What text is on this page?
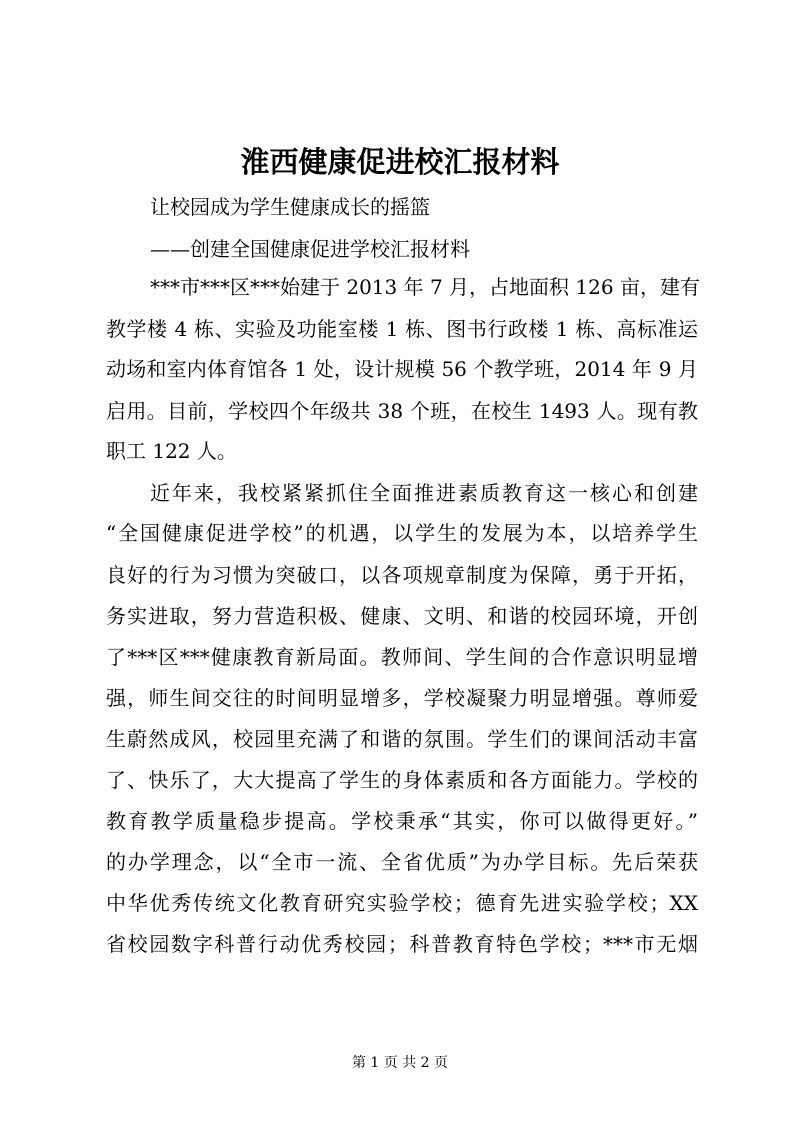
淮西健康促进校汇报材料

让校园成为学生健康成长的摇篮

——创建全国健康促进学校汇报材料

***市***区***始建于 2013 年 7 月，占地面积 126 亩，建有

教学楼 4 栋、实验及功能室楼 1 栋、图书行政楼 1 栋、高标准运

动场和室内体育馆各 1 处，设计规模 56 个教学班，2014 年 9 月

启用。目前，学校四个年级共 38 个班，在校生 1493 人。现有教

职工 122 人。

近年来，我校紧紧抓住全面推进素质教育这一核心和创建

“全国健康促进学校”的机遇，以学生的发展为本，以培养学生

良好的行为习惯为突破口，以各项规章制度为保障，勇于开拓，

务实进取，努力营造积极、健康、文明、和谐的校园环境，开创

了***区***健康教育新局面。教师间、学生间的合作意识明显增

强，师生间交往的时间明显增多，学校凝聚力明显增强。尊师爱

生蔚然成风，校园里充满了和谐的氛围。学生们的课间活动丰富

了、快乐了，大大提高了学生的身体素质和各方面能力。学校的

教育教学质量稳步提高。学校秉承“其实，你可以做得更好。”

的办学理念，以“全市一流、全省优质”为办学目标。先后荣获

中华优秀传统文化教育研究实验学校；德育先进实验学校；XX

省校园数字科普行动优秀校园；科普教育特色学校；***市无烟

第 1 页 共 2 页
